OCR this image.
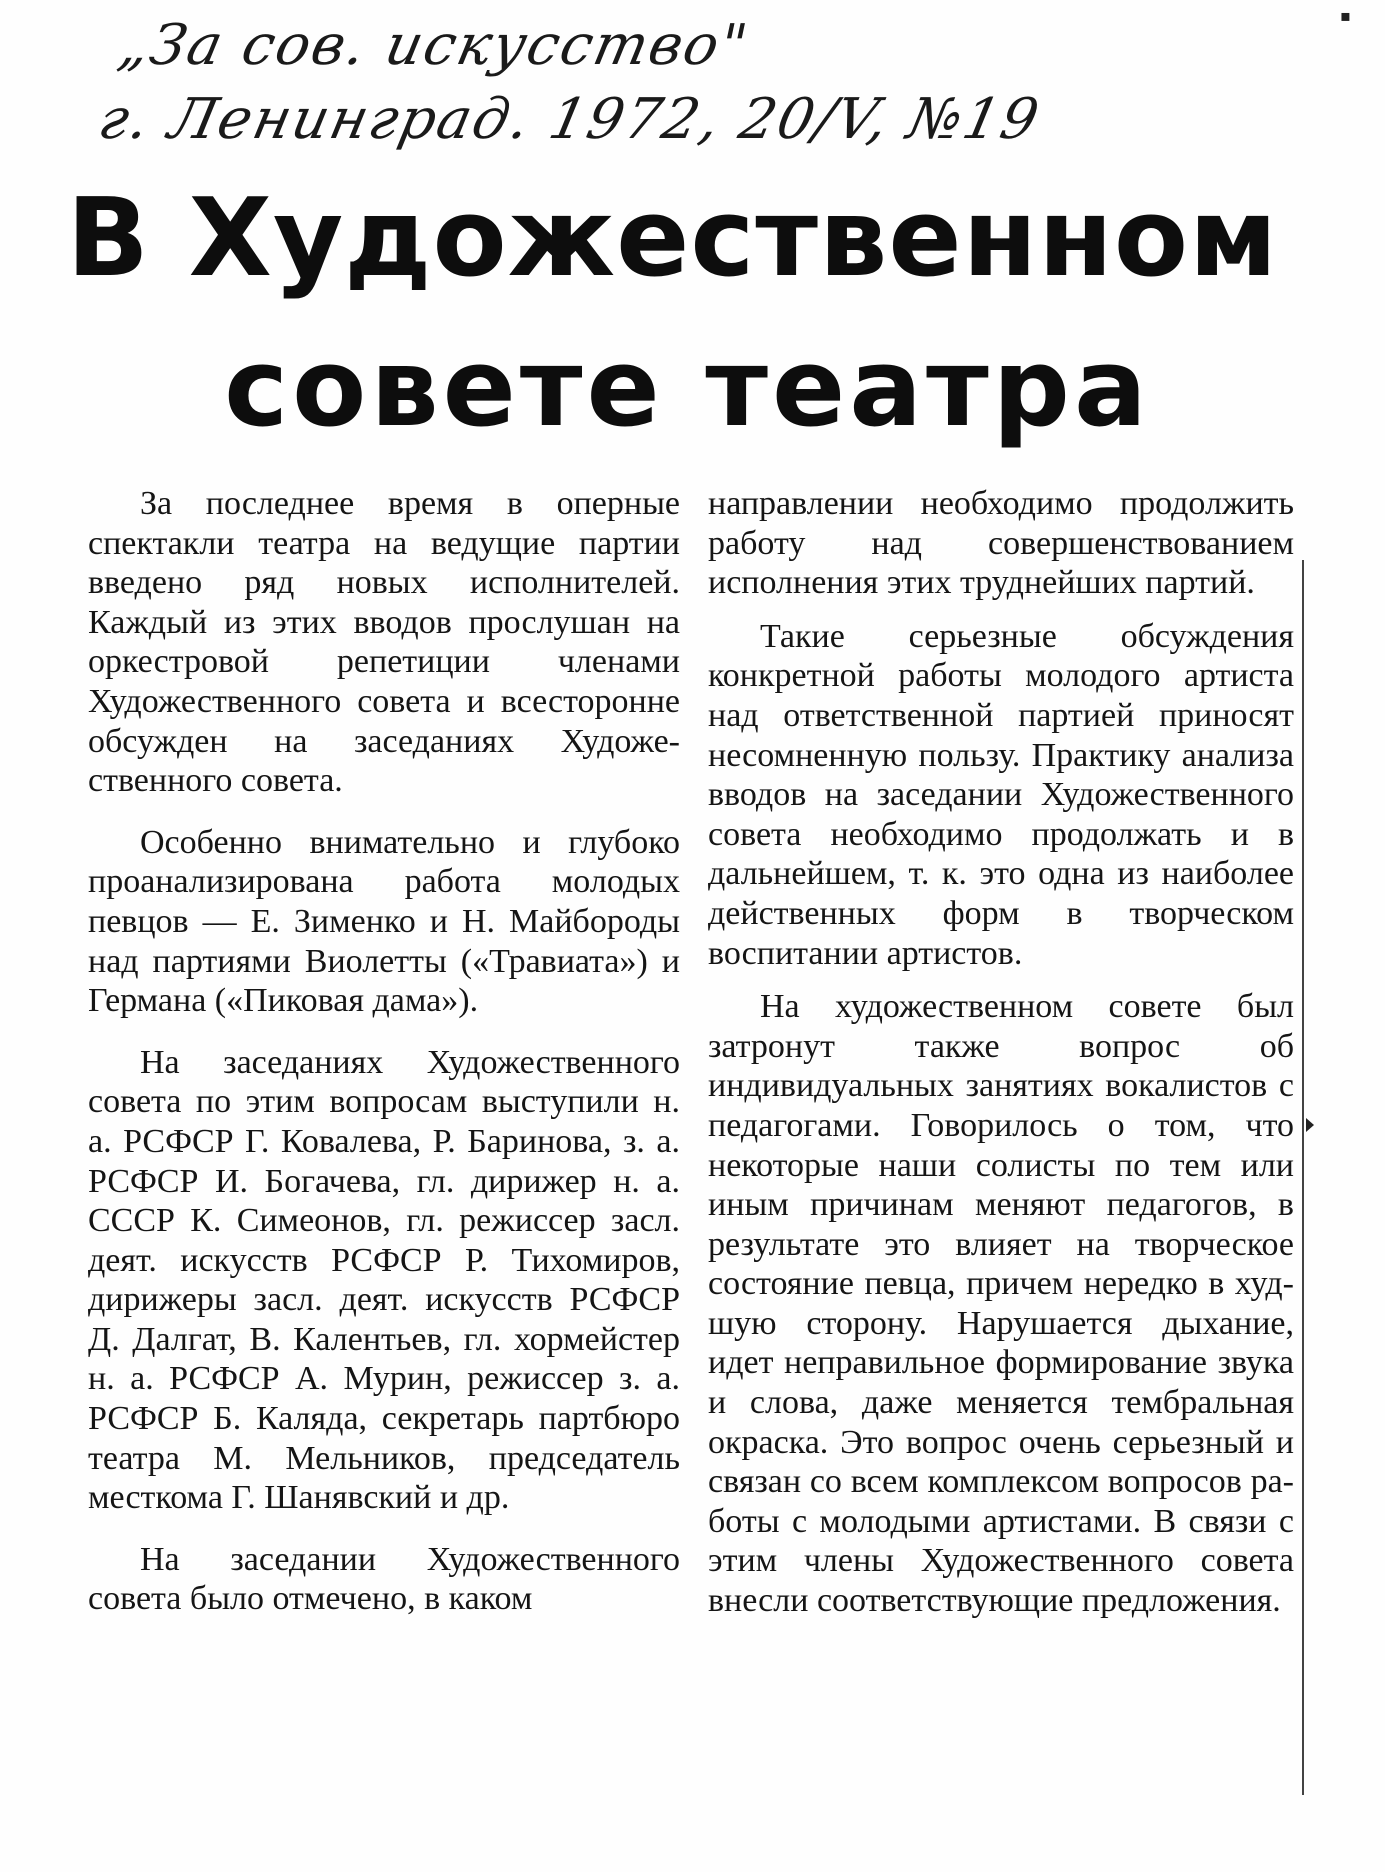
▪
„За сов. искусство"
г. Ленинград. 1972, 20/V, №19
В Художественном
совете театра

За последнее время в оперные спектакли театра на ведущие партии введено ряд новых исполнителей. Каждый из этих вводов прослушан на оркестровой репетиции членами Художественного совета и всесторонне обсужден на заседаниях Художественного совета.

Особенно внимательно и глубоко проанализирована работа молодых певцов — Е. Зименко и Н. Майбороды над партиями Виолетты («Травиата») и Германа («Пиковая дама»).

На заседаниях Художественного совета по этим вопросам выступили н. а. РСФСР Г. Ковалева, Р. Баринова, з. а. РСФСР И. Богачева, гл. дирижер н. а. СССР К. Симеонов, гл. режиссер засл. деят. искусств РСФСР Р. Тихомиров, дирижеры засл. деят. искусств РСФСР Д. Далгат, В. Калентьев, гл. хормейстер н. а. РСФСР А. Мурин, режиссер з. а. РСФСР Б. Каляда, секретарь партбюро театра М. Мельников, председатель месткома Г. Шанявский и др.

На заседании Художественного совета было отмечено, в каком

направлении необходимо продолжить работу над совершенствованием исполнения этих труднейших партий.

Такие серьезные обсуждения конкретной работы молодого артиста над ответственной партией приносят несомненную пользу. Практику анализа вводов на заседании Художественного совета необходимо продолжать и в дальнейшем, т. к. это одна из наиболее действенных форм в творческом воспитании артистов.

На художественном совете был затронут также вопрос об индивидуальных занятиях вокалистов с педагогами. Говорилось о том, что некоторые наши солисты по тем или иным причинам меняют педагогов, в результате это влияет на творческое состояние певца, причем нередко в худшую сторону. Нарушается дыхание, идет неправильное формирование звука и слова, даже меняется тембральная окраска. Это вопрос очень серьезный и связан со всем комплексом вопросов работы с молодыми артистами. В связи с этим члены Художественного совета внесли соответствующие предложения.
